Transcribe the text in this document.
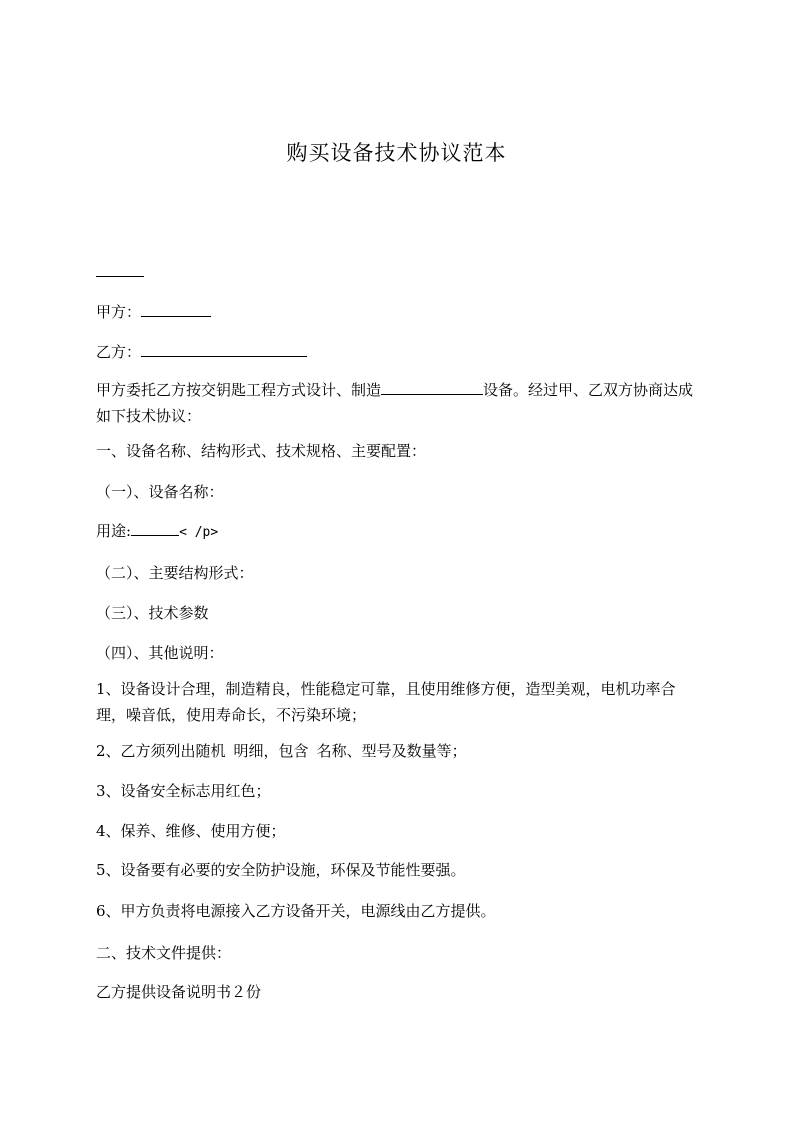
购买设备技术协议范本
甲方：
乙方：
甲方委托乙方按交钥匙工程方式设计、制造	设备。经过甲、乙双方协商达成如下技术协议：
一、设备名称、结构形式、技术规格、主要配置：
（一）、设备名称：
用途:	< /p>
（二）、主要结构形式：
（三）、技术参数
（四）、其他说明：
1、设备设计合理，制造精良，性能稳定可靠，且使用维修方便，造型美观，电机功率合理，噪音低，使用寿命长，不污染环境；
2、乙方须列出随机 明细，包含 名称、型号及数量等；
3、设备安全标志用红色；
4、保养、维修、使用方便；
5、设备要有必要的安全防护设施，环保及节能性要强。
6、甲方负责将电源接入乙方设备开关，电源线由乙方提供。
二、技术文件提供：
乙方提供设备说明书２份
